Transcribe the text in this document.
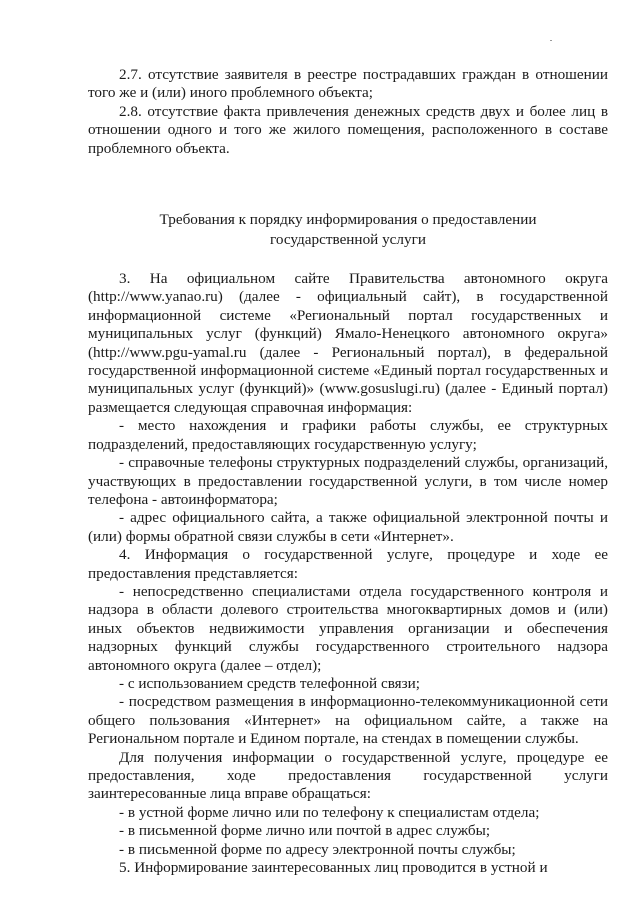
2.7. отсутствие заявителя в реестре пострадавших граждан в отношении того же и (или) иного проблемного объекта;

2.8. отсутствие факта привлечения денежных средств двух и более лиц в отношении одного и того же жилого помещения, расположенного в составе проблемного объекта.

Требования к порядку информирования о предоставлении

государственной услуги

3. На официальном сайте Правительства автономного округа (http://www.yanao.ru) (далее - официальный сайт), в государственной информационной системе «Региональный портал государственных и муниципальных услуг (функций) Ямало-Ненецкого автономного округа» (http://www.pgu-yamal.ru (далее - Региональный портал), в федеральной государственной информационной системе «Единый портал государственных и муниципальных услуг (функций)» (www.gosuslugi.ru) (далее - Единый портал) размещается следующая справочная информация:

- место нахождения и графики работы службы, ее структурных подразделений, предоставляющих государственную услугу;

- справочные телефоны структурных подразделений службы, организаций, участвующих в предоставлении государственной услуги, в том числе номер телефона - автоинформатора;

- адрес официального сайта, а также официальной электронной почты и (или) формы обратной связи службы в сети «Интернет».

4. Информация о государственной услуге, процедуре и ходе ее предоставления представляется:

- непосредственно специалистами отдела государственного контроля и надзора в области долевого строительства многоквартирных домов и (или) иных объектов недвижимости управления организации и обеспечения надзорных функций службы государственного строительного надзора автономного округа (далее – отдел);

- с использованием средств телефонной связи;

- посредством размещения в информационно-телекоммуникационной сети общего пользования «Интернет» на официальном сайте, а также на Региональном портале и Едином портале, на стендах в помещении службы.

Для получения информации о государственной услуге, процедуре ее предоставления, ходе предоставления государственной услуги заинтересованные лица вправе обращаться:

- в устной форме лично или по телефону к специалистам отдела;

- в письменной форме лично или почтой в адрес службы;

- в письменной форме по адресу электронной почты службы;

5. Информирование заинтересованных лиц проводится в устной и
